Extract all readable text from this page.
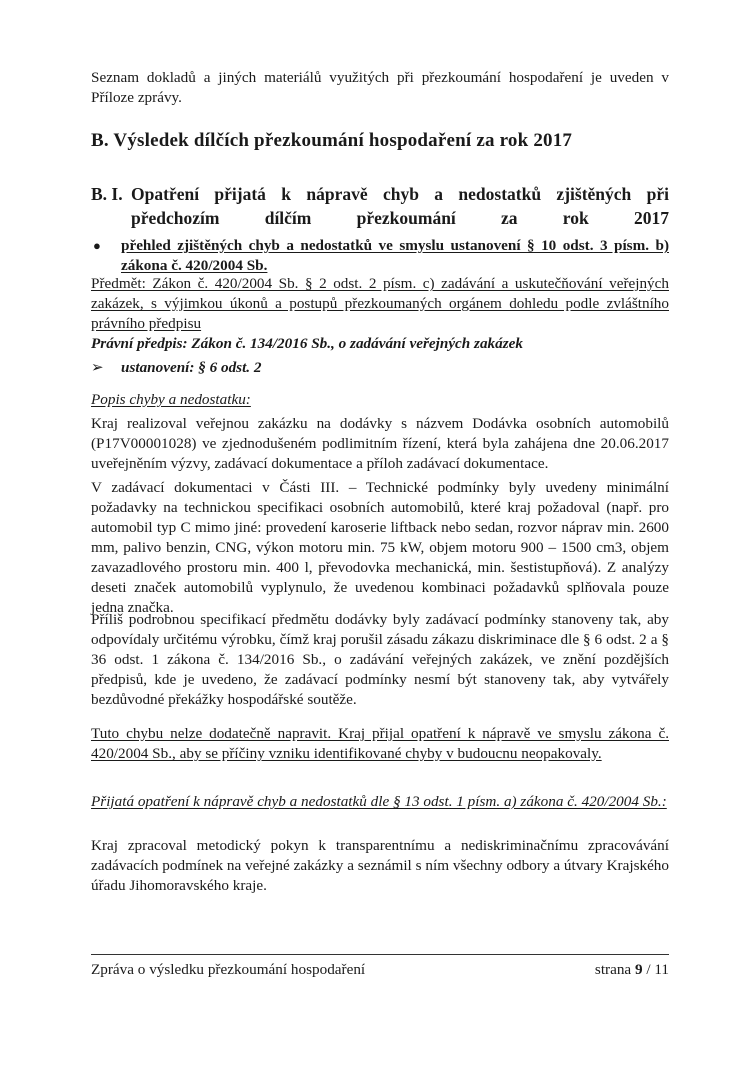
Seznam dokladů a jiných materiálů využitých při přezkoumání hospodaření je uveden v Příloze zprávy.

B. Výsledek dílčích přezkoumání hospodaření za rok 2017
B. I. Opatření přijatá k nápravě chyb a nedostatků zjištěných při předchozím dílčím přezkoumání za rok 2017
● přehled zjištěných chyb a nedostatků ve smyslu ustanovení § 10 odst. 3 písm. b) zákona č. 420/2004 Sb.

Předmět: Zákon č. 420/2004 Sb. § 2 odst. 2 písm. c) zadávání a uskutečňování veřejných zakázek, s výjimkou úkonů a postupů přezkoumaných orgánem dohledu podle zvláštního právního předpisu

Právní předpis: Zákon č. 134/2016 Sb., o zadávání veřejných zakázek

➢ ustanovení: § 6 odst. 2

Popis chyby a nedostatku:

Kraj realizoval veřejnou zakázku na dodávky s názvem Dodávka osobních automobilů (P17V00001028) ve zjednodušeném podlimitním řízení, která byla zahájena dne 20.06.2017 uveřejněním výzvy, zadávací dokumentace a příloh zadávací dokumentace.

V zadávací dokumentaci v Části III. – Technické podmínky byly uvedeny minimální požadavky na technickou specifikaci osobních automobilů, které kraj požadoval (např. pro automobil typ C mimo jiné: provedení karoserie liftback nebo sedan, rozvor náprav min. 2600 mm, palivo benzin, CNG, výkon motoru min. 75 kW, objem motoru 900 – 1500 cm3, objem zavazadlového prostoru min. 400 l, převodovka mechanická, min. šestistupňová). Z analýzy deseti značek automobilů vyplynulo, že uvedenou kombinaci požadavků splňovala pouze jedna značka.

Příliš podrobnou specifikací předmětu dodávky byly zadávací podmínky stanoveny tak, aby odpovídaly určitému výrobku, čímž kraj porušil zásadu zákazu diskriminace dle § 6 odst. 2 a § 36 odst. 1 zákona č. 134/2016 Sb., o zadávání veřejných zakázek, ve znění pozdějších předpisů, kde je uvedeno, že zadávací podmínky nesmí být stanoveny tak, aby vytvářely bezdůvodné překážky hospodářské soutěže.

Tuto chybu nelze dodatečně napravit. Kraj přijal opatření k nápravě ve smyslu zákona č. 420/2004 Sb., aby se příčiny vzniku identifikované chyby v budoucnu neopakovaly.

Přijatá opatření k nápravě chyb a nedostatků dle § 13 odst. 1 písm. a) zákona č. 420/2004 Sb.:

Kraj zpracoval metodický pokyn k transparentnímu a nediskriminačnímu zpracovávání zadávacích podmínek na veřejné zakázky a seznámil s ním všechny odbory a útvary Krajského úřadu Jihomoravského kraje.

Zpráva o výsledku přezkoumání hospodaření	strana 9 / 11
